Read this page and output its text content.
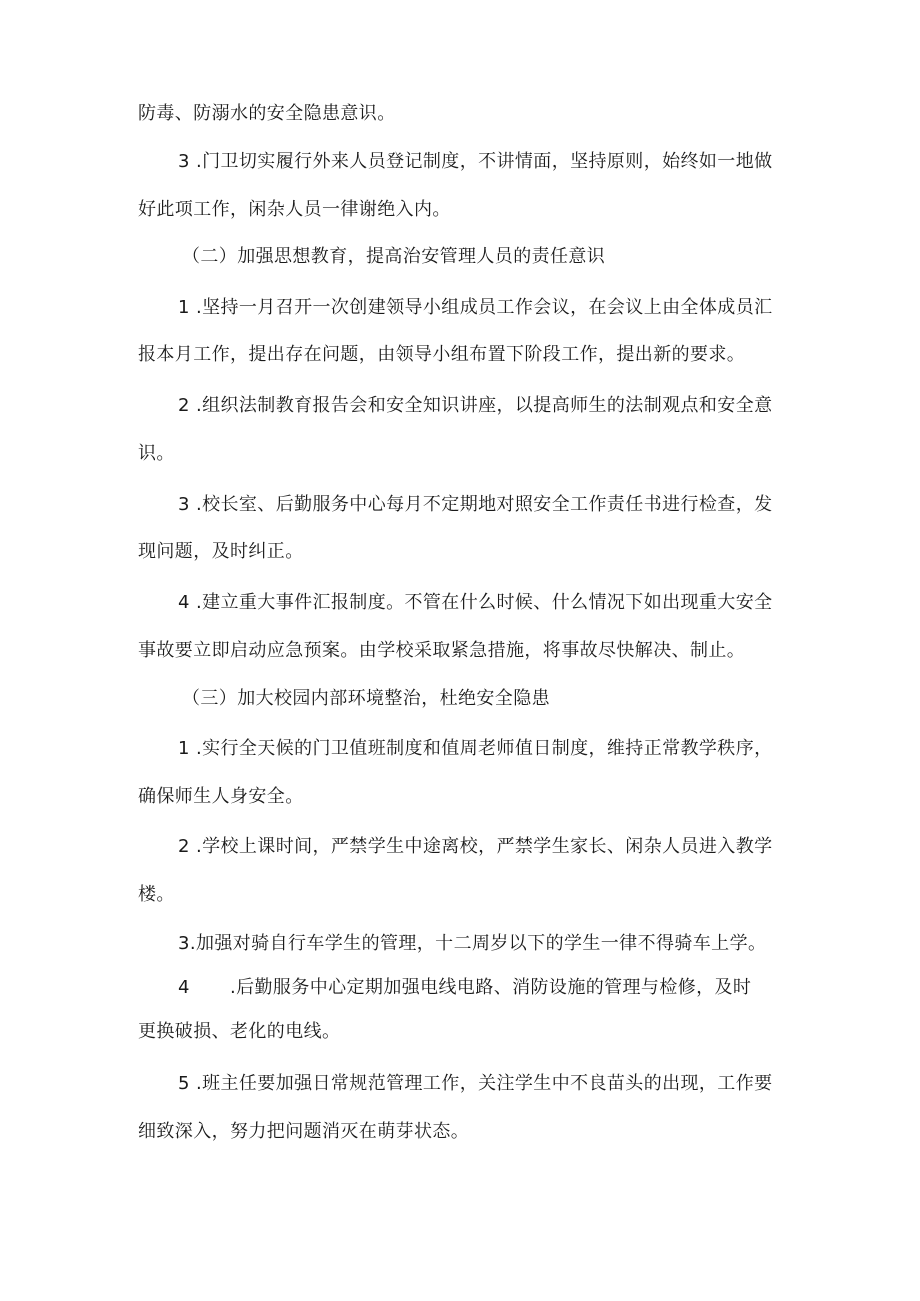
防毒、防溺水的安全隐患意识。
3 .门卫切实履行外来人员登记制度，不讲情面，坚持原则，始终如一地做
好此项工作，闲杂人员一律谢绝入内。
（二）加强思想教育，提高治安管理人员的责任意识
1 .坚持一月召开一次创建领导小组成员工作会议，在会议上由全体成员汇
报本月工作，提出存在问题，由领导小组布置下阶段工作，提出新的要求。
2 .组织法制教育报告会和安全知识讲座，以提高师生的法制观点和安全意
识。
3 .校长室、后勤服务中心每月不定期地对照安全工作责任书进行检查，发
现问题，及时纠正。
4 .建立重大事件汇报制度。不管在什么时候、什么情况下如出现重大安全
事故要立即启动应急预案。由学校采取紧急措施，将事故尽快解决、制止。
（三）加大校园内部环境整治，杜绝安全隐患
1 .实行全天候的门卫值班制度和值周老师值日制度，维持正常教学秩序，
确保师生人身安全。
2 .学校上课时间，严禁学生中途离校，严禁学生家长、闲杂人员进入教学
楼。
3.加强对骑自行车学生的管理，十二周岁以下的学生一律不得骑车上学。
4 .后勤服务中心定期加强电线电路、消防设施的管理与检修，及时
更换破损、老化的电线。
5 .班主任要加强日常规范管理工作，关注学生中不良苗头的出现，工作要
细致深入，努力把问题消灭在萌芽状态。
